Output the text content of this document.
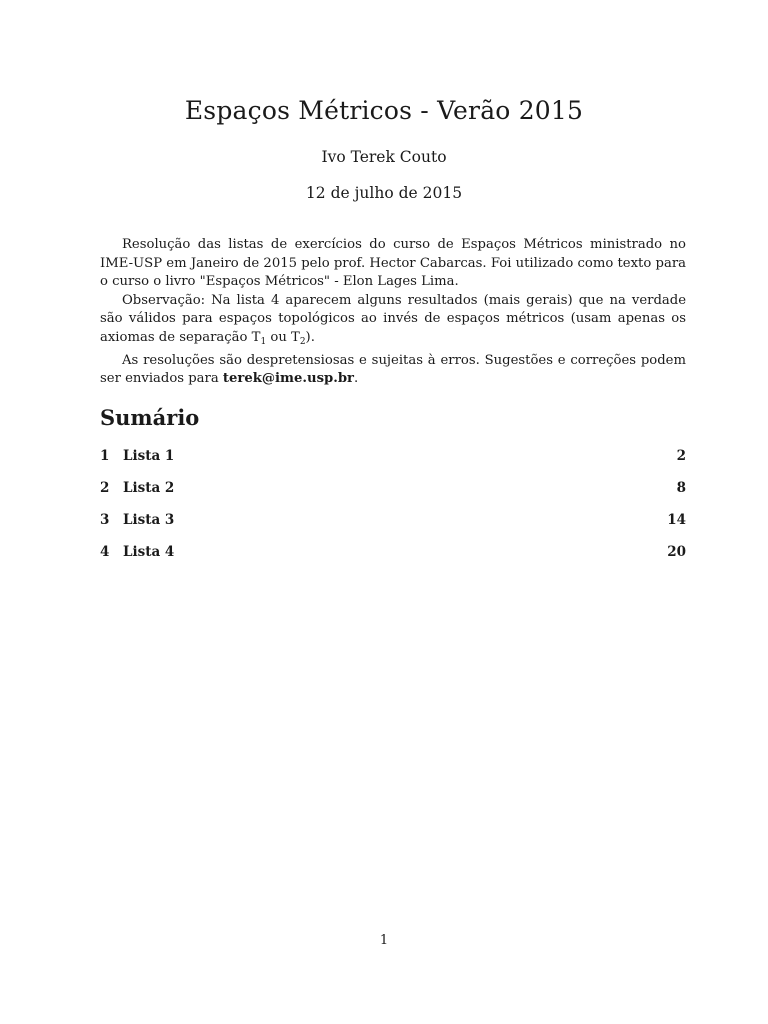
Espaços Métricos - Verão 2015
Ivo Terek Couto
12 de julho de 2015

Resolução das listas de exercícios do curso de Espaços Métricos ministrado no IME-USP em Janeiro de 2015 pelo prof. Hector Cabarcas. Foi utilizado como texto para o curso o livro "Espaços Métricos" - Elon Lages Lima.

Observação: Na lista 4 aparecem alguns resultados (mais gerais) que na verdade são válidos para espaços topológicos ao invés de espaços métricos (usam apenas os axiomas de separação $T_1$ ou $T_2$).

As resoluções são despretensiosas e sujeitas à erros. Sugestões e correções podem ser enviados para terek@ime.usp.br.

Sumário
1 Lista 1	2
2 Lista 2	8
3 Lista 3	14
4 Lista 4	20
1
